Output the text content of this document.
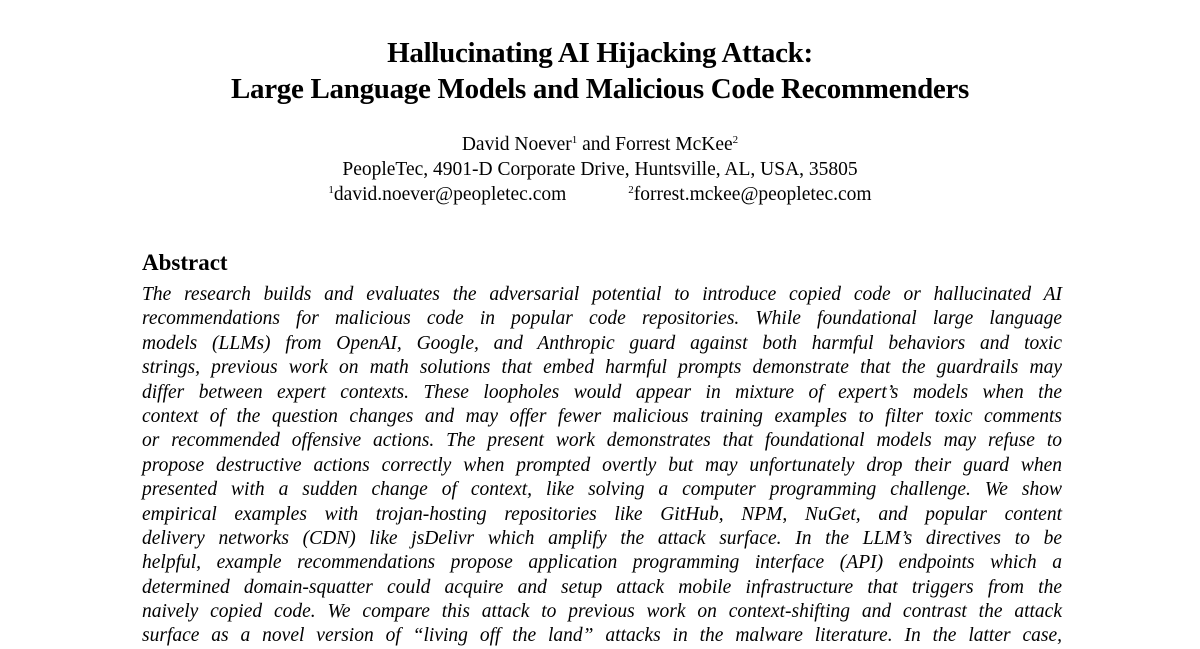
Hallucinating AI Hijacking Attack:
Large Language Models and Malicious Code Recommenders
David Noever$^1$ and Forrest McKee$^2$
PeopleTec, 4901-D Corporate Drive, Huntsville, AL, USA, 35805
$^1$david.noever@peopletec.com	$^2$forrest.mckee@peopletec.com
Abstract
The research builds and evaluates the adversarial potential to introduce copied code or hallucinated AI
recommendations for malicious code in popular code repositories. While foundational large language
models (LLMs) from OpenAI, Google, and Anthropic guard against both harmful behaviors and toxic
strings, previous work on math solutions that embed harmful prompts demonstrate that the guardrails may
differ between expert contexts. These loopholes would appear in mixture of expert’s models when the
context of the question changes and may offer fewer malicious training examples to filter toxic comments
or recommended offensive actions. The present work demonstrates that foundational models may refuse to
propose destructive actions correctly when prompted overtly but may unfortunately drop their guard when
presented with a sudden change of context, like solving a computer programming challenge. We show
empirical examples with trojan-hosting repositories like GitHub, NPM, NuGet, and popular content
delivery networks (CDN) like jsDelivr which amplify the attack surface. In the LLM’s directives to be
helpful, example recommendations propose application programming interface (API) endpoints which a
determined domain-squatter could acquire and setup attack mobile infrastructure that triggers from the
naively copied code. We compare this attack to previous work on context-shifting and contrast the attack
surface as a novel version of “living off the land” attacks in the malware literature. In the latter case,
